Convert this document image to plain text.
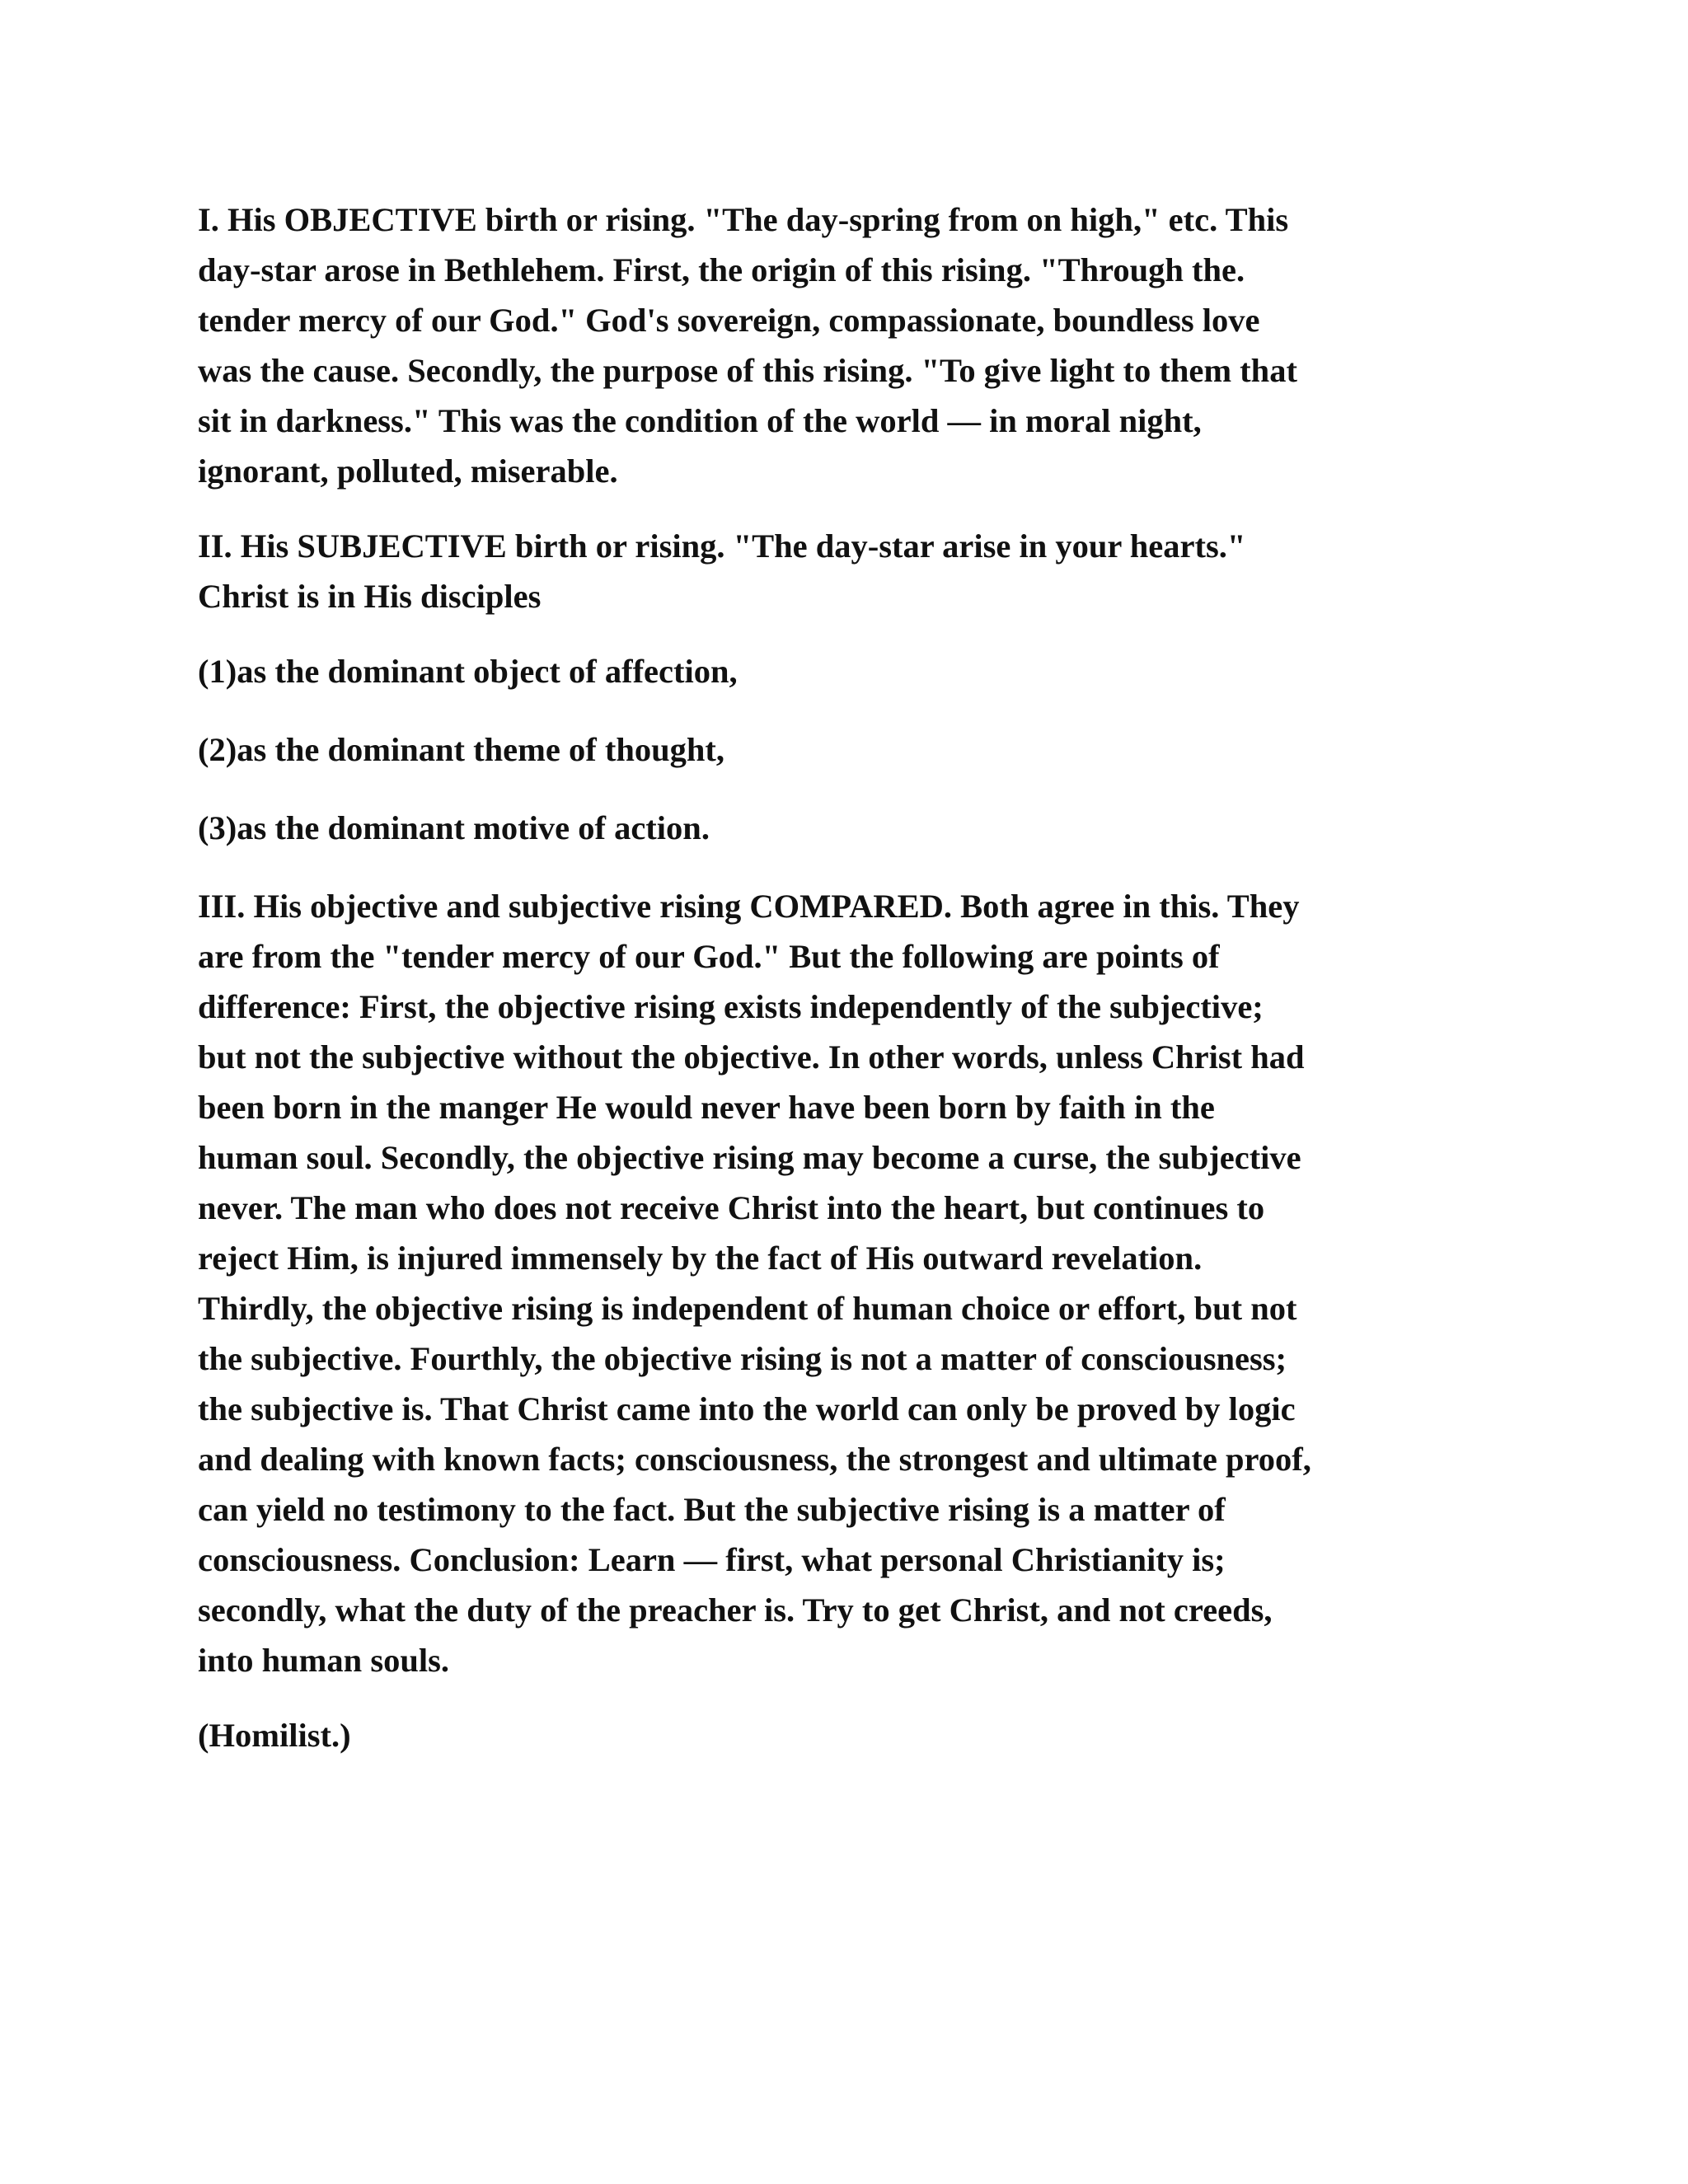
I. His OBJECTIVE birth or rising. "The day-spring from on high," etc. This
day-star arose in Bethlehem. First, the origin of this rising. "Through the.
tender mercy of our God." God's sovereign, compassionate, boundless love
was the cause. Secondly, the purpose of this rising. "To give light to them that
sit in darkness." This was the condition of the world — in moral night,
ignorant, polluted, miserable.
II. His SUBJECTIVE birth or rising. "The day-star arise in your hearts."
Christ is in His disciples
(1)as the dominant object of affection,
(2)as the dominant theme of thought,
(3)as the dominant motive of action.
III. His objective and subjective rising COMPARED. Both agree in this. They
are from the "tender mercy of our God." But the following are points of
difference: First, the objective rising exists independently of the subjective;
but not the subjective without the objective. In other words, unless Christ had
been born in the manger He would never have been born by faith in the
human soul. Secondly, the objective rising may become a curse, the subjective
never. The man who does not receive Christ into the heart, but continues to
reject Him, is injured immensely by the fact of His outward revelation.
Thirdly, the objective rising is independent of human choice or effort, but not
the subjective. Fourthly, the objective rising is not a matter of consciousness;
the subjective is. That Christ came into the world can only be proved by logic
and dealing with known facts; consciousness, the strongest and ultimate proof,
can yield no testimony to the fact. But the subjective rising is a matter of
consciousness. Conclusion: Learn — first, what personal Christianity is;
secondly, what the duty of the preacher is. Try to get Christ, and not creeds,
into human souls.
(Homilist.)
